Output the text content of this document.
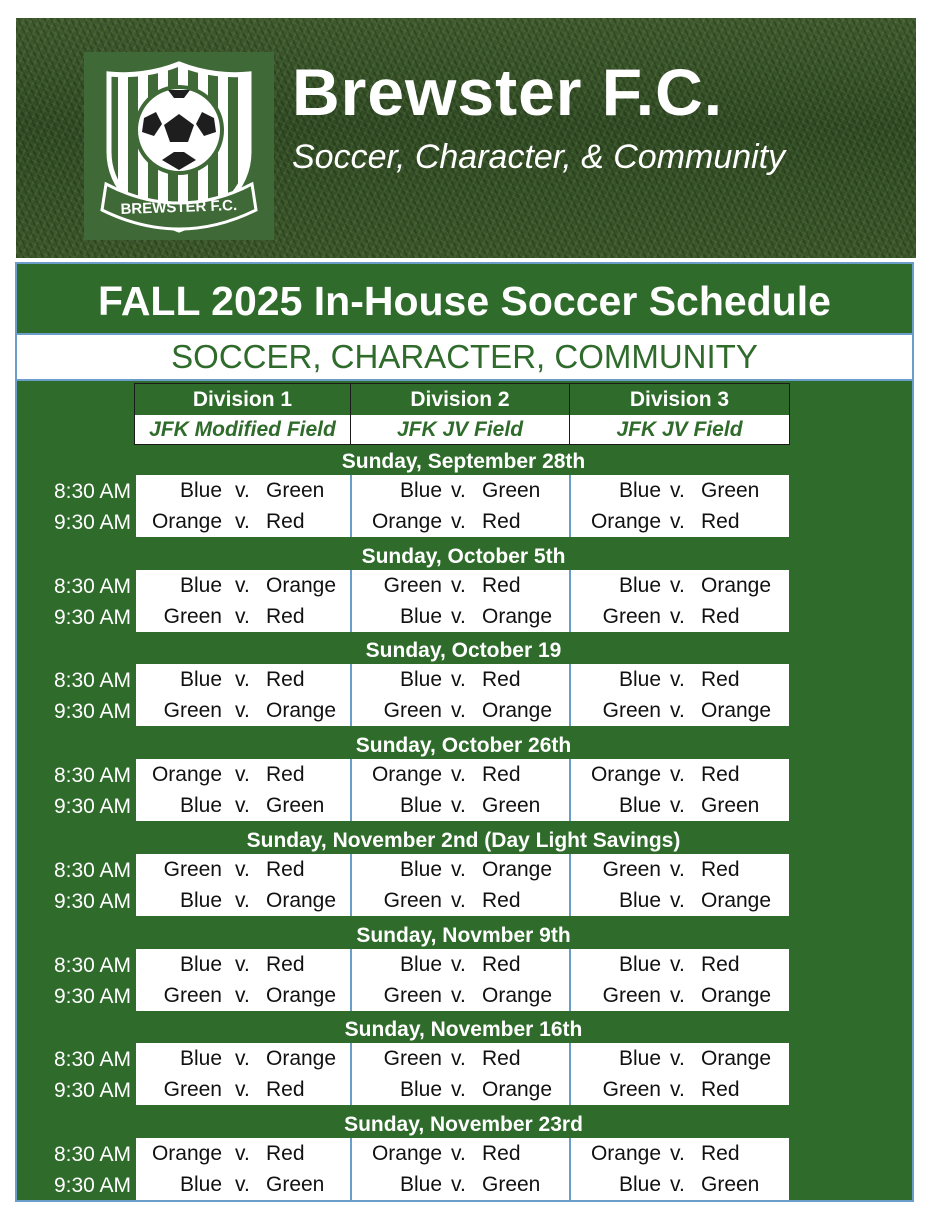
BREWSTER F.C.
Brewster F.C.
Soccer, Character, & Community
FALL 2025 In-House Soccer Schedule
SOCCER, CHARACTER, COMMUNITY
Division 1
JFK Modified Field
Division 2
JFK JV Field
Division 3
JFK JV Field
Sunday, September 28th
8:30 AM
9:30 AM
Blue v. Green
Orange v. Red
Blue v. Green
Orange v. Red
Blue v. Green
Orange v. Red
Sunday, October 5th
8:30 AM
9:30 AM
Blue v. Orange
Green v. Red
Green v. Red
Blue v. Orange
Blue v. Orange
Green v. Red
Sunday, October 19
8:30 AM
9:30 AM
Blue v. Red
Green v. Orange
Blue v. Red
Green v. Orange
Blue v. Red
Green v. Orange
Sunday, October 26th
8:30 AM
9:30 AM
Orange v. Red
Blue v. Green
Orange v. Red
Blue v. Green
Orange v. Red
Blue v. Green
Sunday, November 2nd (Day Light Savings)
8:30 AM
9:30 AM
Green v. Red
Blue v. Orange
Blue v. Orange
Green v. Red
Green v. Red
Blue v. Orange
Sunday, Novmber 9th
8:30 AM
9:30 AM
Blue v. Red
Green v. Orange
Blue v. Red
Green v. Orange
Blue v. Red
Green v. Orange
Sunday, November 16th
8:30 AM
9:30 AM
Blue v. Orange
Green v. Red
Green v. Red
Blue v. Orange
Blue v. Orange
Green v. Red
Sunday, November 23rd
8:30 AM
9:30 AM
Orange v. Red
Blue v. Green
Orange v. Red
Blue v. Green
Orange v. Red
Blue v. Green
